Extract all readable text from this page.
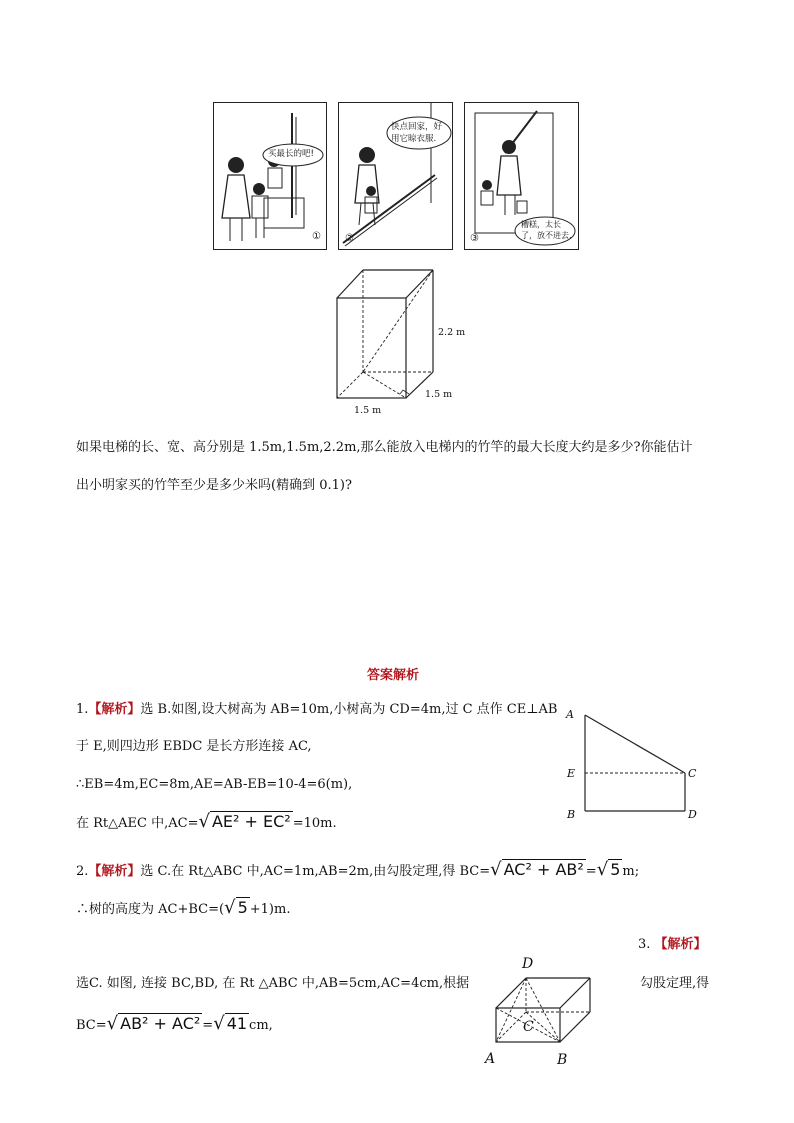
买最长的吧!
①
快点回家，好用它晾衣服.
②
糟糕，太长了，放不进去.
③
2.2 m
1.5 m
1.5 m
如果电梯的长、宽、高分别是 1.5m,1.5m,2.2m,那么能放入电梯内的竹竿的最大长度大约是多少?你能估计
出小明家买的竹竿至少是多少米吗(精确到 0.1)?
答案解析
1.【解析】选 B.如图,设大树高为 AB=10m,小树高为 CD=4m,过 C 点作 CE⊥AB
于 E,则四边形 EBDC 是长方形连接 AC,
∴EB=4m,EC=8m,AE=AB-EB=10-4=6(m),
在 Rt△AEC 中,AC=√ AE² + EC² =10m.
A
E
B
C
D
2.【解析】选 C.在 Rt△ABC 中,AC=1m,AB=2m,由勾股定理,得 BC=√ AC² + AB² =√ 5 m;
∴树的高度为 AC+BC=(√ 5 +1)m.
3. 【解析】
选C. 如图, 连接 BC,BD, 在 Rt △ABC 中,AB=5cm,AC=4cm,根据	勾股定理,得
BC=√ AB² + AC² =√ 41 cm,
D
C
A	B
